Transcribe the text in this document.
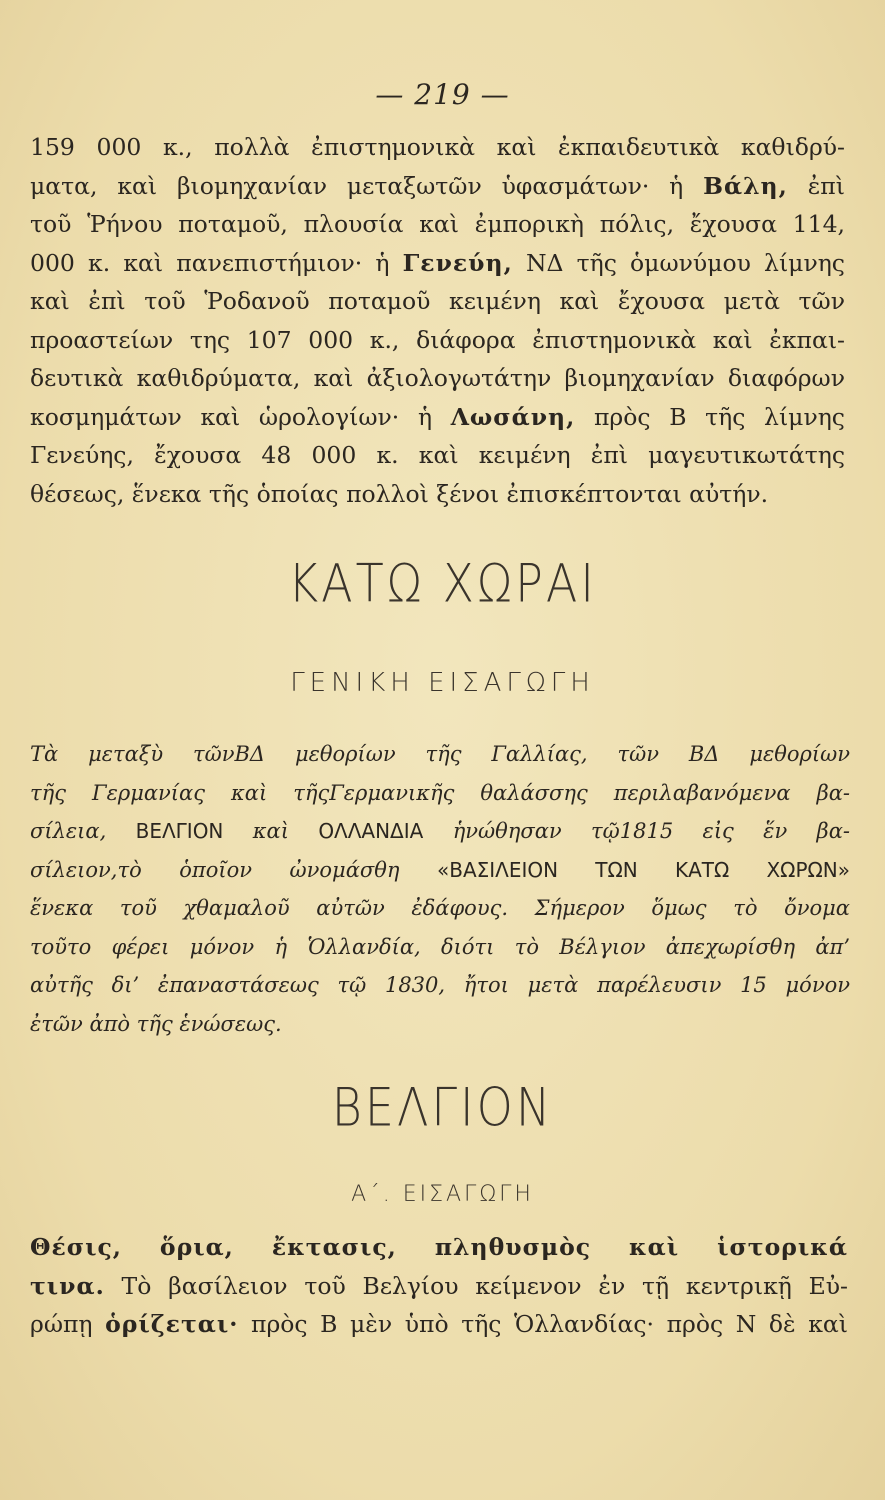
— 219 —
159 000 κ., πολλὰ ἐπιστημονικὰ καὶ ἐκπαιδευτικὰ καθιδρύ-
ματα, καὶ βιομηχανίαν μεταξωτῶν ὑφασμάτων· ἡ Βάλη, ἐπὶ
τοῦ Ῥήνου ποταμοῦ, πλουσία καὶ ἐμπορικὴ πόλις, ἔχουσα 114,
000 κ. καὶ πανεπιστήμιον· ἡ Γενεύη, ΝΔ τῆς ὁμωνύμου λίμνης
καὶ ἐπὶ τοῦ Ῥοδανοῦ ποταμοῦ κειμένη καὶ ἔχουσα μετὰ τῶν
προαστείων της 107 000 κ., διάφορα ἐπιστημονικὰ καὶ ἐκπαι-
δευτικὰ καθιδρύματα, καὶ ἀξιολογωτάτην βιομηχανίαν διαφόρων
κοσμημάτων καὶ ὡρολογίων· ἡ Λωσάνη, πρὸς Β τῆς λίμνης
Γενεύης, ἔχουσα 48 000 κ. καὶ κειμένη ἐπὶ μαγευτικωτάτης
θέσεως, ἕνεκα τῆς ὁποίας πολλοὶ ξένοι ἐπισκέπτονται αὐτήν.
ΚΑΤΩ ΧΩΡΑΙ
ΓΕΝΙΚΗ ΕΙΣΑΓΩΓΗ
Τὰ μεταξὺ τῶνΒΔ μεθορίων τῆς Γαλλίας, τῶν ΒΔ μεθορίων
τῆς Γερμανίας καὶ τῆςΓερμανικῆς θαλάσσης περιλαβανόμενα βα-
σίλεια, ΒΕΛΓΙΟΝ καὶ ΟΛΛΑΝΔΙΑ ἡνώθησαν τῷ1815 εἰς ἕν βα-
σίλειον,τὸ ὁποῖον ὠνομάσθη «ΒΑΣΙΛΕΙΟΝ ΤΩΝ ΚΑΤΩ ΧΩΡΩΝ»
ἕνεκα τοῦ χθαμαλοῦ αὐτῶν ἐδάφους. Σήμερον ὅμως τὸ ὄνομα
τοῦτο φέρει μόνον ἡ Ὁλλανδία, διότι τὸ Βέλγιον ἀπεχωρίσθη ἀπ’
αὐτῆς δι’ ἐπαναστάσεως τῷ 1830, ἤτοι μετὰ παρέλευσιν 15 μόνον
ἐτῶν ἀπὸ τῆς ἑνώσεως.
ΒΕΛΓΙΟΝ
Α΄. ΕΙΣΑΓΩΓΗ
Θέσις, ὅρια, ἔκτασις, πληθυσμὸς καὶ ἱστορικά
τινα. Τὸ βασίλειον τοῦ Βελγίου κείμενον ἐν τῇ κεντρικῇ Εὐ-
ρώπῃ ὁρίζεται· πρὸς Β μὲν ὑπὸ τῆς Ὁλλανδίας· πρὸς Ν δὲ καὶ
